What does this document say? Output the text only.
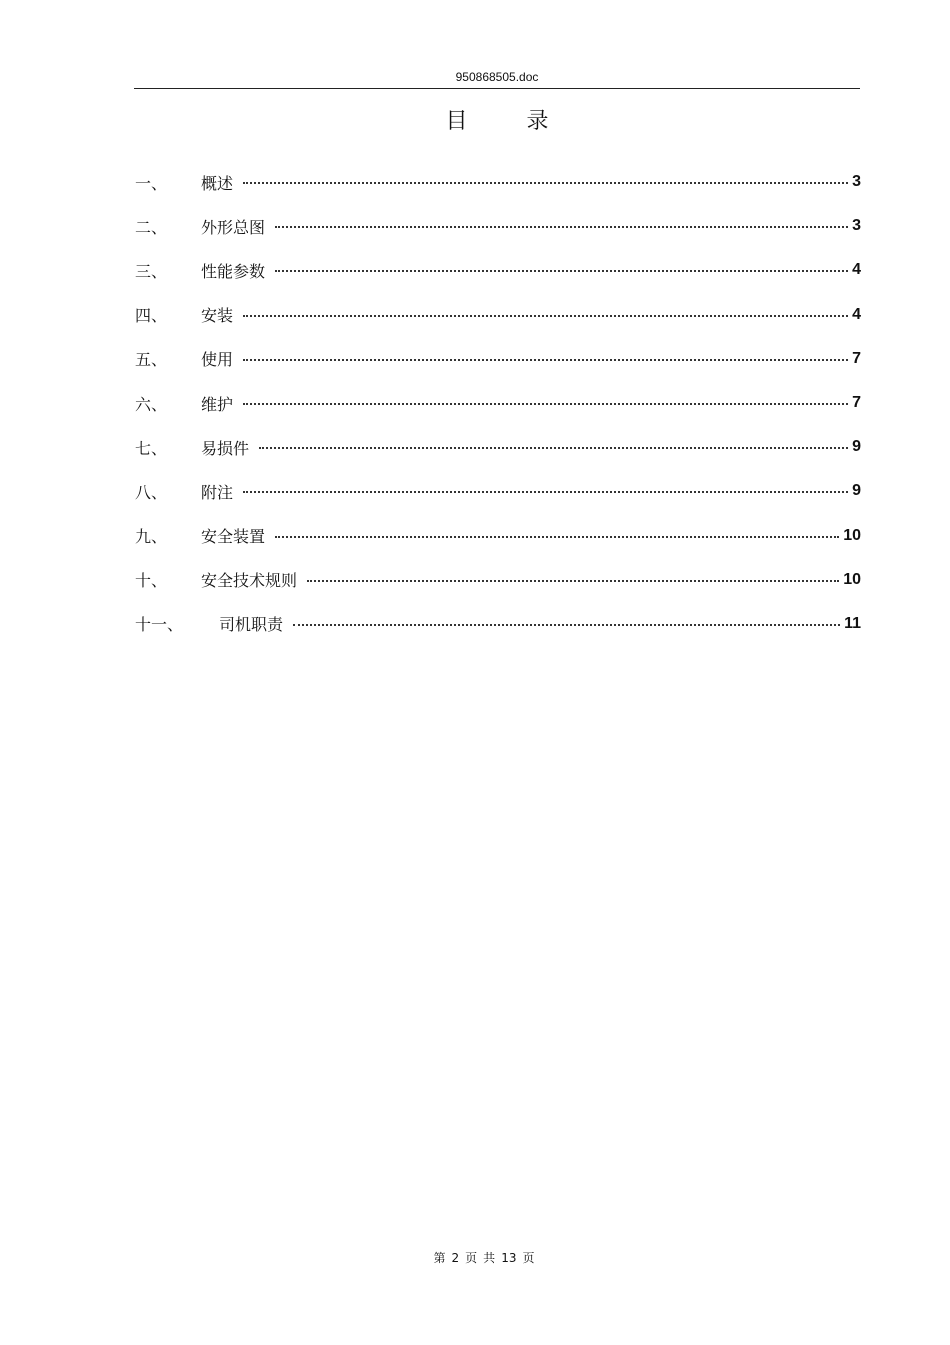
950868505.doc
目 录
一、	概述	3
二、	外形总图	3
三、	性能参数	4
四、	安装	4
五、	使用	7
六、	维护	7
七、	易损件	9
八、	附注	9
九、	安全装置	10
十、	安全技术规则	10
十一、	司机职责	11
第 2 页 共 13 页
